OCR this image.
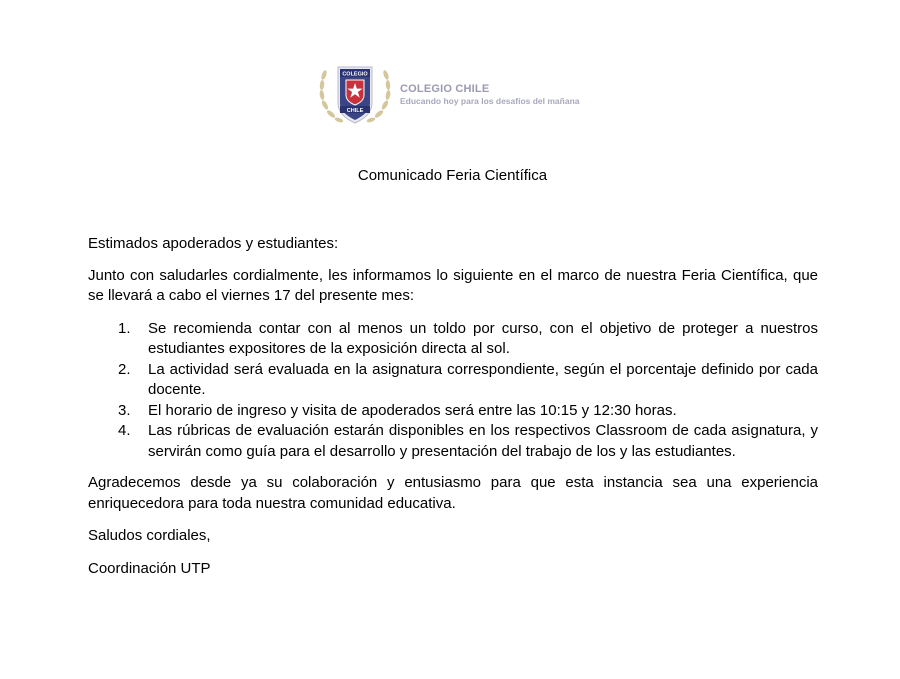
COLEGIO
CHILE
COLEGIO CHILE
Educando hoy para los desafíos del mañana
Comunicado Feria Científica

Estimados apoderados y estudiantes:

Junto con saludarles cordialmente, les informamos lo siguiente en el marco de nuestra Feria Científica, que se llevará a cabo el viernes 17 del presente mes:

1. Se recomienda contar con al menos un toldo por curso, con el objetivo de proteger a nuestros estudiantes expositores de la exposición directa al sol.
2. La actividad será evaluada en la asignatura correspondiente, según el porcentaje definido por cada docente.
3. El horario de ingreso y visita de apoderados será entre las 10:15 y 12:30 horas.
4. Las rúbricas de evaluación estarán disponibles en los respectivos Classroom de cada asignatura, y servirán como guía para el desarrollo y presentación del trabajo de los y las estudiantes.

Agradecemos desde ya su colaboración y entusiasmo para que esta instancia sea una experiencia enriquecedora para toda nuestra comunidad educativa.

Saludos cordiales,

Coordinación UTP
